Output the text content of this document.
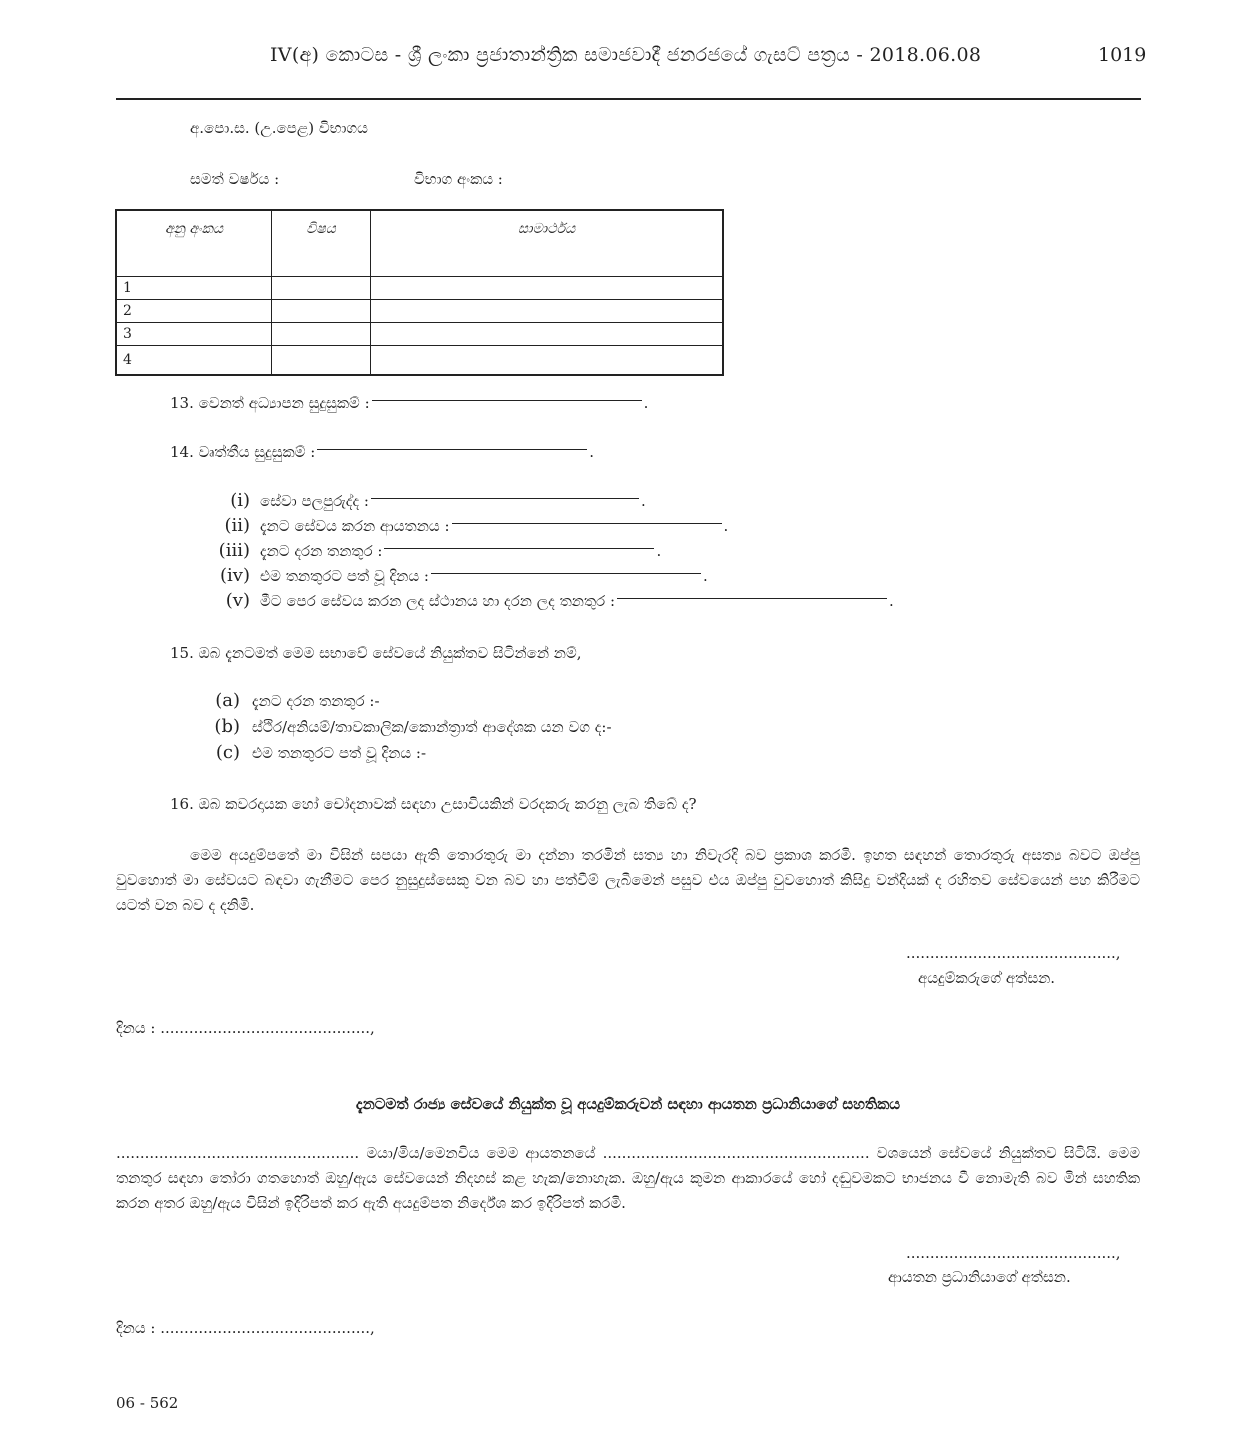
IV(අ) කොටස - ශ්‍රී ලංකා ප්‍රජාතාන්ත්‍රික සමාජවාදී ජනරජයේ ගැසට් පත්‍රය - 2018.06.08	1019
අ.පො.ස. (උ.පෙළ) විභාගය
සමත් වර්ෂය :	විභාග අංකය :
අනු අංකය	විෂය	සාමාර්ථය
1		
2		
3		
4		
13. වෙනත් අධ්‍යාපන සුදුසුකම් :	.
14. වෘත්තීය සුදුසුකම් :	.
(i) සේවා පලපුරුද්ද :	.
(ii) දැනට සේවය කරන ආයතනය :	.
(iii) දැනට දරන තනතුර :	.
(iv) එම තනතුරට පත් වූ දිනය :	.
(v) මීට පෙර සේවය කරන ලද ස්ථානය හා දරන ලද තනතුර :	.
15. ඔබ දැනටමත් මෙම සභාවේ සේවයේ නියුක්තව සිටින්නේ නම්,
(a) දැනට දරන තනතුර :-
(b) ස්ථිර/අනියම්/තාවකාලික/කොන්ත්‍රාත් ආදේශක යන වග ද:-
(c) එම තනතුරට පත් වූ දිනය :-
16. ඔබ කවරදායක හෝ චෝදනාවක් සඳහා උසාවියකින් වරදකරු කරනු ලැබ තිබේ ද?
මෙම අයදුම්පතේ මා විසින් සපයා ඇති තොරතුරු මා දන්නා තරමින් සත්‍ය හා නිවැරදි බව ප්‍රකාශ කරමි. ඉහත සඳහන් තොරතුරු අසත්‍ය බවට ඔප්පු වුවහොත් මා සේවයට බඳවා ගැනීමට පෙර නුසුදුස්සෙකු වන බව හා පත්වීම් ලැබීමෙන් පසුව එය ඔප්පු වුවහොත් කිසිදු වන්දියක් ද රහිතව සේවයෙන් පහ කිරීමට යටත් වන බව ද දනිමි.
............................................,
අයදුම්කරුගේ අත්සන.
දිනය : ............................................,
දැනටමත් රාජ්‍ය සේවයේ නියුක්ත වූ අයදුම්කරුවන් සඳහා ආයතන ප්‍රධානියාගේ සහතිකය
................................................... මයා/මිය/මෙනවිය මෙම ආයතනයේ ........................................................ වශයෙන් සේවයේ නියුක්තව සිටියි. මෙම තනතුර සඳහා තෝරා ගතහොත් ඔහු/ඇය සේවයෙන් නිදහස් කළ හැක/නොහැක. ඔහු/ඇය කුමන ආකාරයේ හෝ දඬුවමකට භාජනය වී නොමැති බව මින් සහතික කරන අතර ඔහු/ඇය විසින් ඉදිරිපත් කර ඇති අයදුම්පත නිර්දේශ කර ඉදිරිපත් කරමි.
............................................,
ආයතන ප්‍රධානියාගේ අත්සන.
දිනය : ............................................,
06 - 562
